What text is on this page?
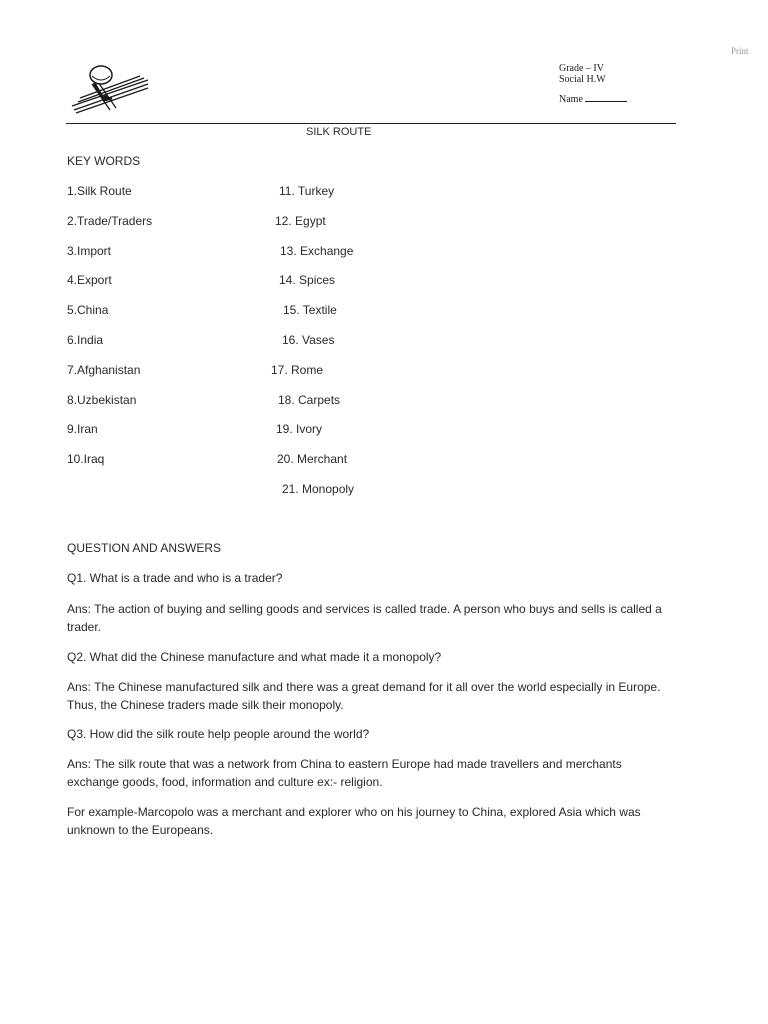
Print
Grade – IV
Social H.W
Name
SILK ROUTE
KEY WORDS
1.Silk Route
2.Trade/Traders
3.Import
4.Export
5.China
6.India
7.Afghanistan
8.Uzbekistan
9.Iran
10.Iraq
11. Turkey
12. Egypt
13. Exchange
14. Spices
15. Textile
16. Vases
17. Rome
18. Carpets
19. Ivory
20. Merchant
21. Monopoly
QUESTION AND ANSWERS
Q1. What is a trade and who is a trader?
Ans: The action of buying and selling goods and services is called trade. A person who buys and sells is called a trader.
Q2. What did the Chinese manufacture and what made it a monopoly?
Ans: The Chinese manufactured silk and there was a great demand for it all over the world especially in Europe. Thus, the Chinese traders made silk their monopoly.
Q3. How did the silk route help people around the world?
Ans: The silk route that was a network from China to eastern Europe had made travellers and merchants exchange goods, food, information and culture ex:- religion.
For example-Marcopolo was a merchant and explorer who on his journey to China, explored Asia which was unknown to the Europeans.
